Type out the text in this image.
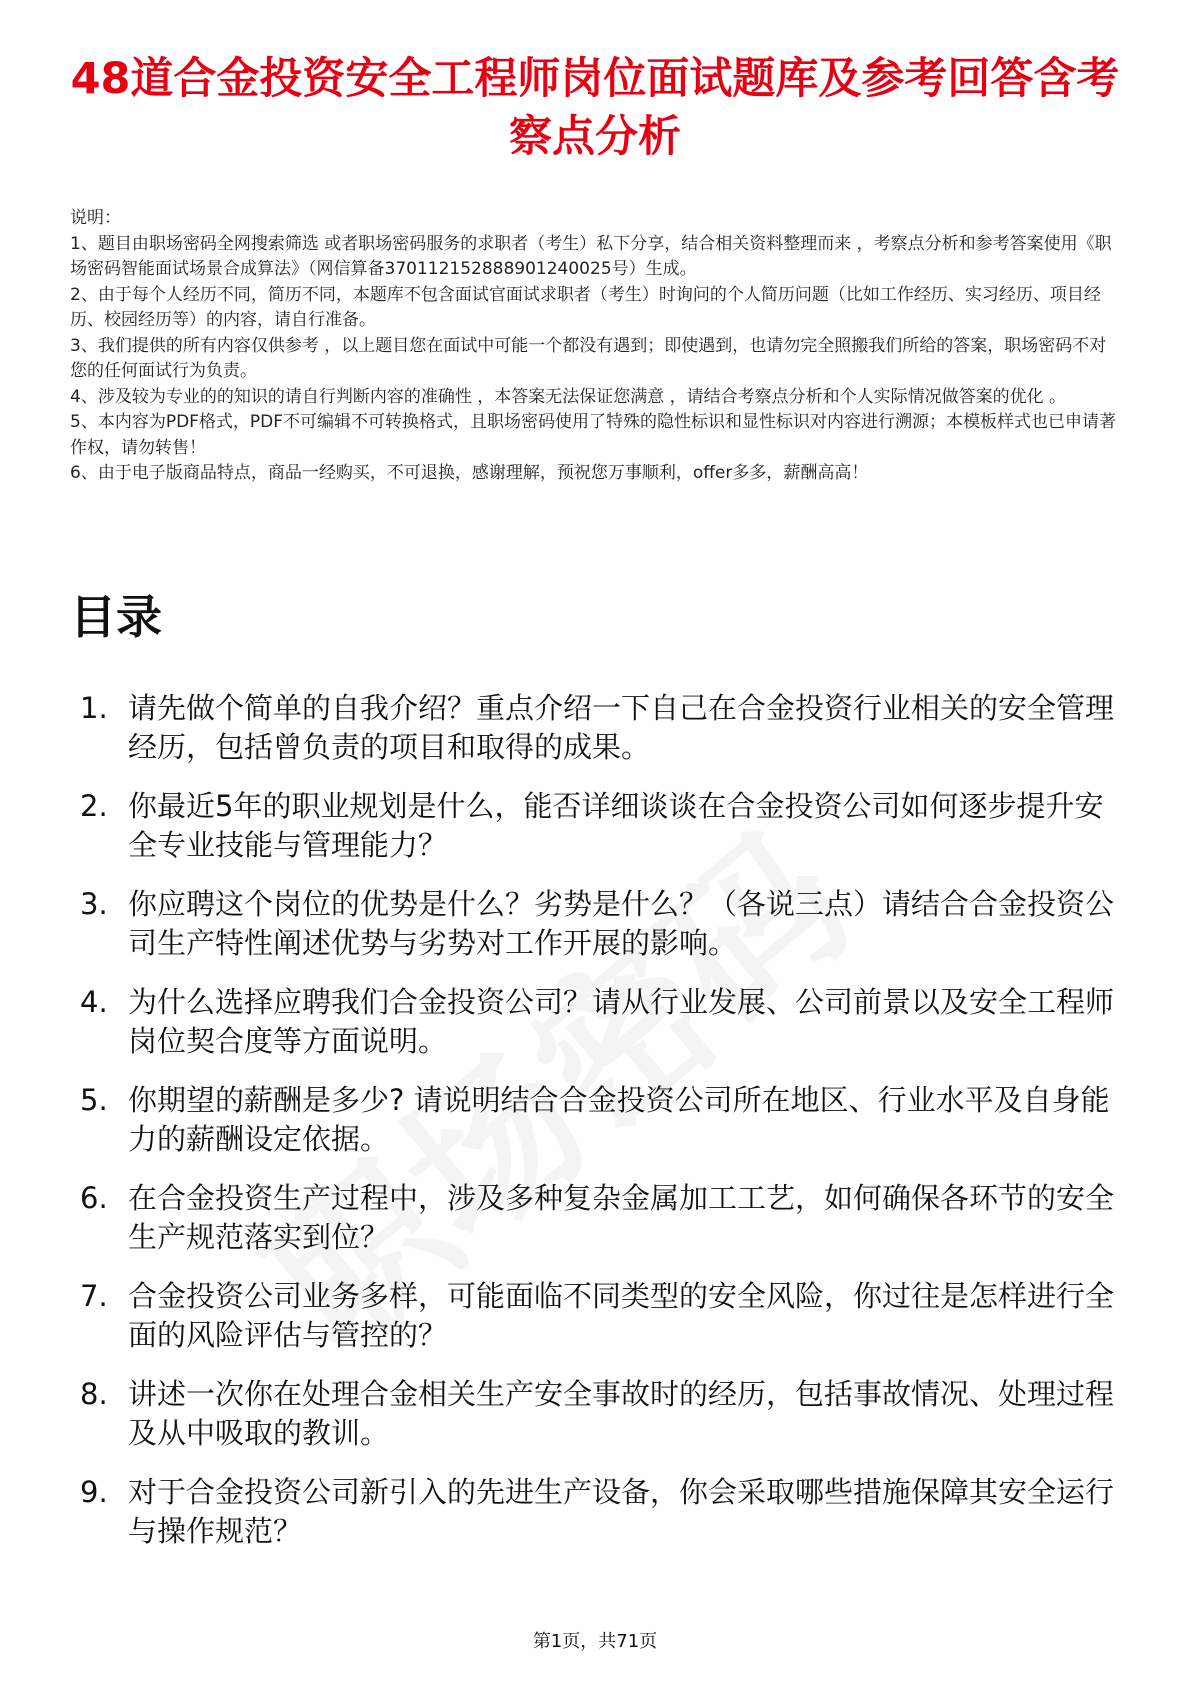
48道合金投资安全工程师岗位面试题库及参考回答含考察点分析

说明：

1、题目由职场密码全网搜索筛选 或者职场密码服务的求职者（考生）私下分享，结合相关资料整理而来 ，考察点分析和参考答案使用《职场密码智能面试场景合成算法》（网信算备370112152888901240025号）生成。

2、由于每个人经历不同，简历不同，本题库不包含面试官面试求职者（考生）时询问的个人简历问题（比如工作经历、实习经历、项目经历、校园经历等）的内容，请自行准备。

3、我们提供的所有内容仅供参考 ，以上题目您在面试中可能一个都没有遇到；即使遇到，也请勿完全照搬我们所给的答案，职场密码不对您的任何面试行为负责。

4、涉及较为专业的的知识的请自行判断内容的准确性 ，本答案无法保证您满意 ，请结合考察点分析和个人实际情况做答案的优化 。

5、本内容为PDF格式，PDF不可编辑不可转换格式，且职场密码使用了特殊的隐性标识和显性标识对内容进行溯源；本模板样式也已申请著作权，请勿转售！

6、由于电子版商品特点，商品一经购买，不可退换，感谢理解，预祝您万事顺利，offer多多，薪酬高高！

目录
1. 请先做个简单的自我介绍？重点介绍一下自己在合金投资行业相关的安全管理经历，包括曾负责的项目和取得的成果。
2. 你最近5年的职业规划是什么，能否详细谈谈在合金投资公司如何逐步提升安全专业技能与管理能力？
3. 你应聘这个岗位的优势是什么？劣势是什么？（各说三点）请结合合金投资公司生产特性阐述优势与劣势对工作开展的影响。
4. 为什么选择应聘我们合金投资公司？请从行业发展、公司前景以及安全工程师岗位契合度等方面说明。
5. 你期望的薪酬是多少? 请说明结合合金投资公司所在地区、行业水平及自身能力的薪酬设定依据。
6. 在合金投资生产过程中，涉及多种复杂金属加工工艺，如何确保各环节的安全生产规范落实到位？
7. 合金投资公司业务多样，可能面临不同类型的安全风险，你过往是怎样进行全面的风险评估与管控的？
8. 讲述一次你在处理合金相关生产安全事故时的经历，包括事故情况、处理过程及从中吸取的教训。
9. 对于合金投资公司新引入的先进生产设备，你会采取哪些措施保障其安全运行与操作规范？
第1页，共71页
